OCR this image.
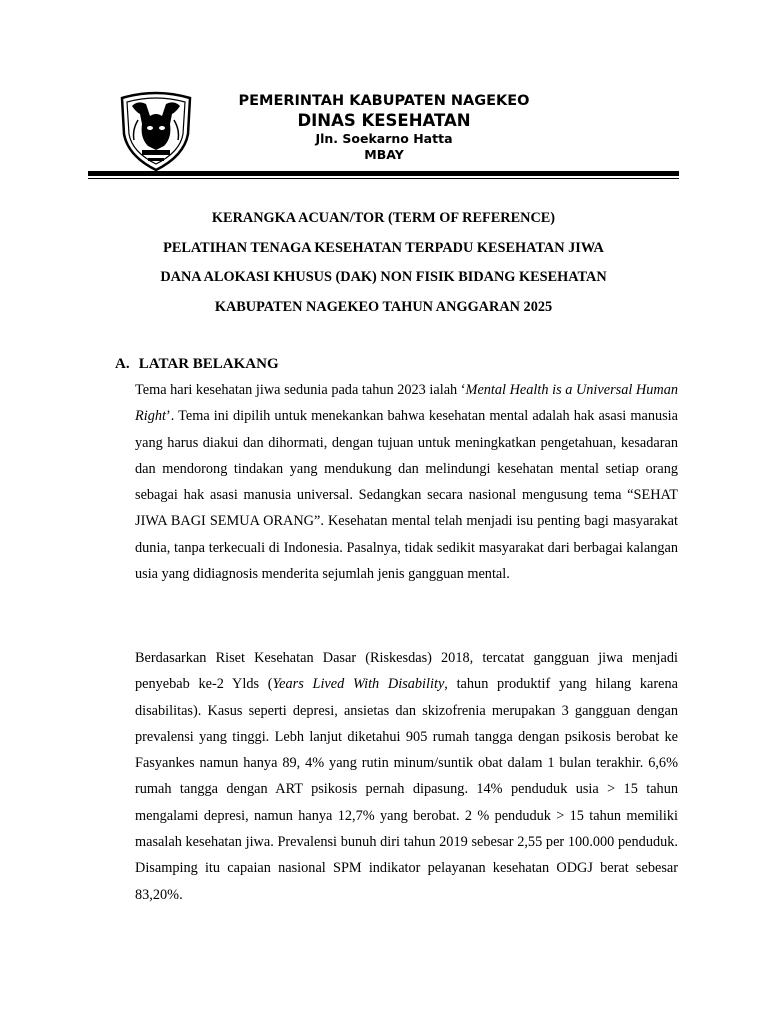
PEMERINTAH KABUPATEN NAGEKEO
DINAS KESEHATAN
Jln. Soekarno Hatta
MBAY
KERANGKA ACUAN/TOR (TERM OF REFERENCE)
PELATIHAN TENAGA KESEHATAN TERPADU KESEHATAN JIWA
DANA ALOKASI KHUSUS (DAK) NON FISIK BIDANG KESEHATAN
KABUPATEN NAGEKEO TAHUN ANGGARAN 2025
A. LATAR BELAKANG
Tema hari kesehatan jiwa sedunia pada tahun 2023 ialah ‘Mental Health is a Universal Human Right’. Tema ini dipilih untuk menekankan bahwa kesehatan mental adalah hak asasi manusia yang harus diakui dan dihormati, dengan tujuan untuk meningkatkan pengetahuan, kesadaran dan mendorong tindakan yang mendukung dan melindungi kesehatan mental setiap orang sebagai hak asasi manusia universal. Sedangkan secara nasional mengusung tema “SEHAT JIWA BAGI SEMUA ORANG”. Kesehatan mental telah menjadi isu penting bagi masyarakat dunia, tanpa terkecuali di Indonesia. Pasalnya, tidak sedikit masyarakat dari berbagai kalangan usia yang didiagnosis menderita sejumlah jenis gangguan mental.
Berdasarkan Riset Kesehatan Dasar (Riskesdas) 2018, tercatat gangguan jiwa menjadi penyebab ke-2 Ylds (Years Lived With Disability, tahun produktif yang hilang karena disabilitas). Kasus seperti depresi, ansietas dan skizofrenia merupakan 3 gangguan dengan prevalensi yang tinggi. Lebh lanjut diketahui 905 rumah tangga dengan psikosis berobat ke Fasyankes namun hanya 89, 4% yang rutin minum/suntik obat dalam 1 bulan terakhir. 6,6% rumah tangga dengan ART psikosis pernah dipasung. 14% penduduk usia > 15 tahun mengalami depresi, namun hanya 12,7% yang berobat. 2 % penduduk > 15 tahun memiliki masalah kesehatan jiwa. Prevalensi bunuh diri tahun 2019 sebesar 2,55 per 100.000 penduduk. Disamping itu capaian nasional SPM indikator pelayanan kesehatan ODGJ berat sebesar 83,20%.
